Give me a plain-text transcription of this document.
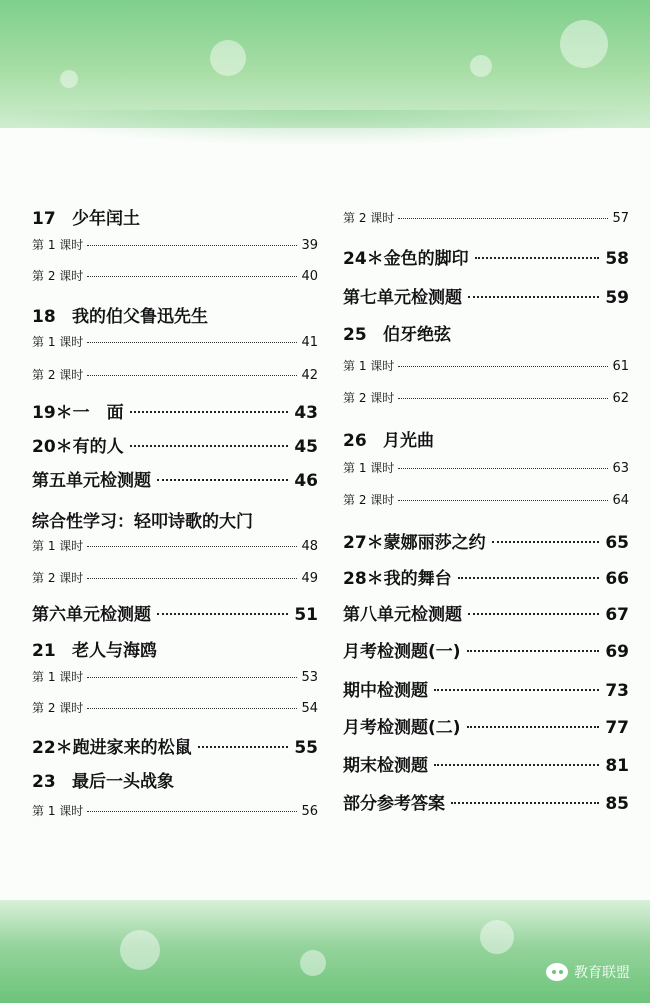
17 少年闰土
第 1 课时	39
第 2 课时	40
18 我的伯父鲁迅先生
第 1 课时	41
第 2 课时	42
19＊一　面	43
20＊有的人	45
第五单元检测题	46
综合性学习：轻叩诗歌的大门
第 1 课时	48
第 2 课时	49
第六单元检测题	51
21 老人与海鸥
第 1 课时	53
第 2 课时	54
22＊跑进家来的松鼠	55
23 最后一头战象
第 1 课时	56
第 2 课时	57
24＊金色的脚印	58
第七单元检测题	59
25 伯牙绝弦
第 1 课时	61
第 2 课时	62
26 月光曲
第 1 课时	63
第 2 课时	64
27＊蒙娜丽莎之约	65
28＊我的舞台	66
第八单元检测题	67
月考检测题(一)	69
期中检测题	73
月考检测题(二)	77
期末检测题	81
部分参考答案	85
教育联盟
